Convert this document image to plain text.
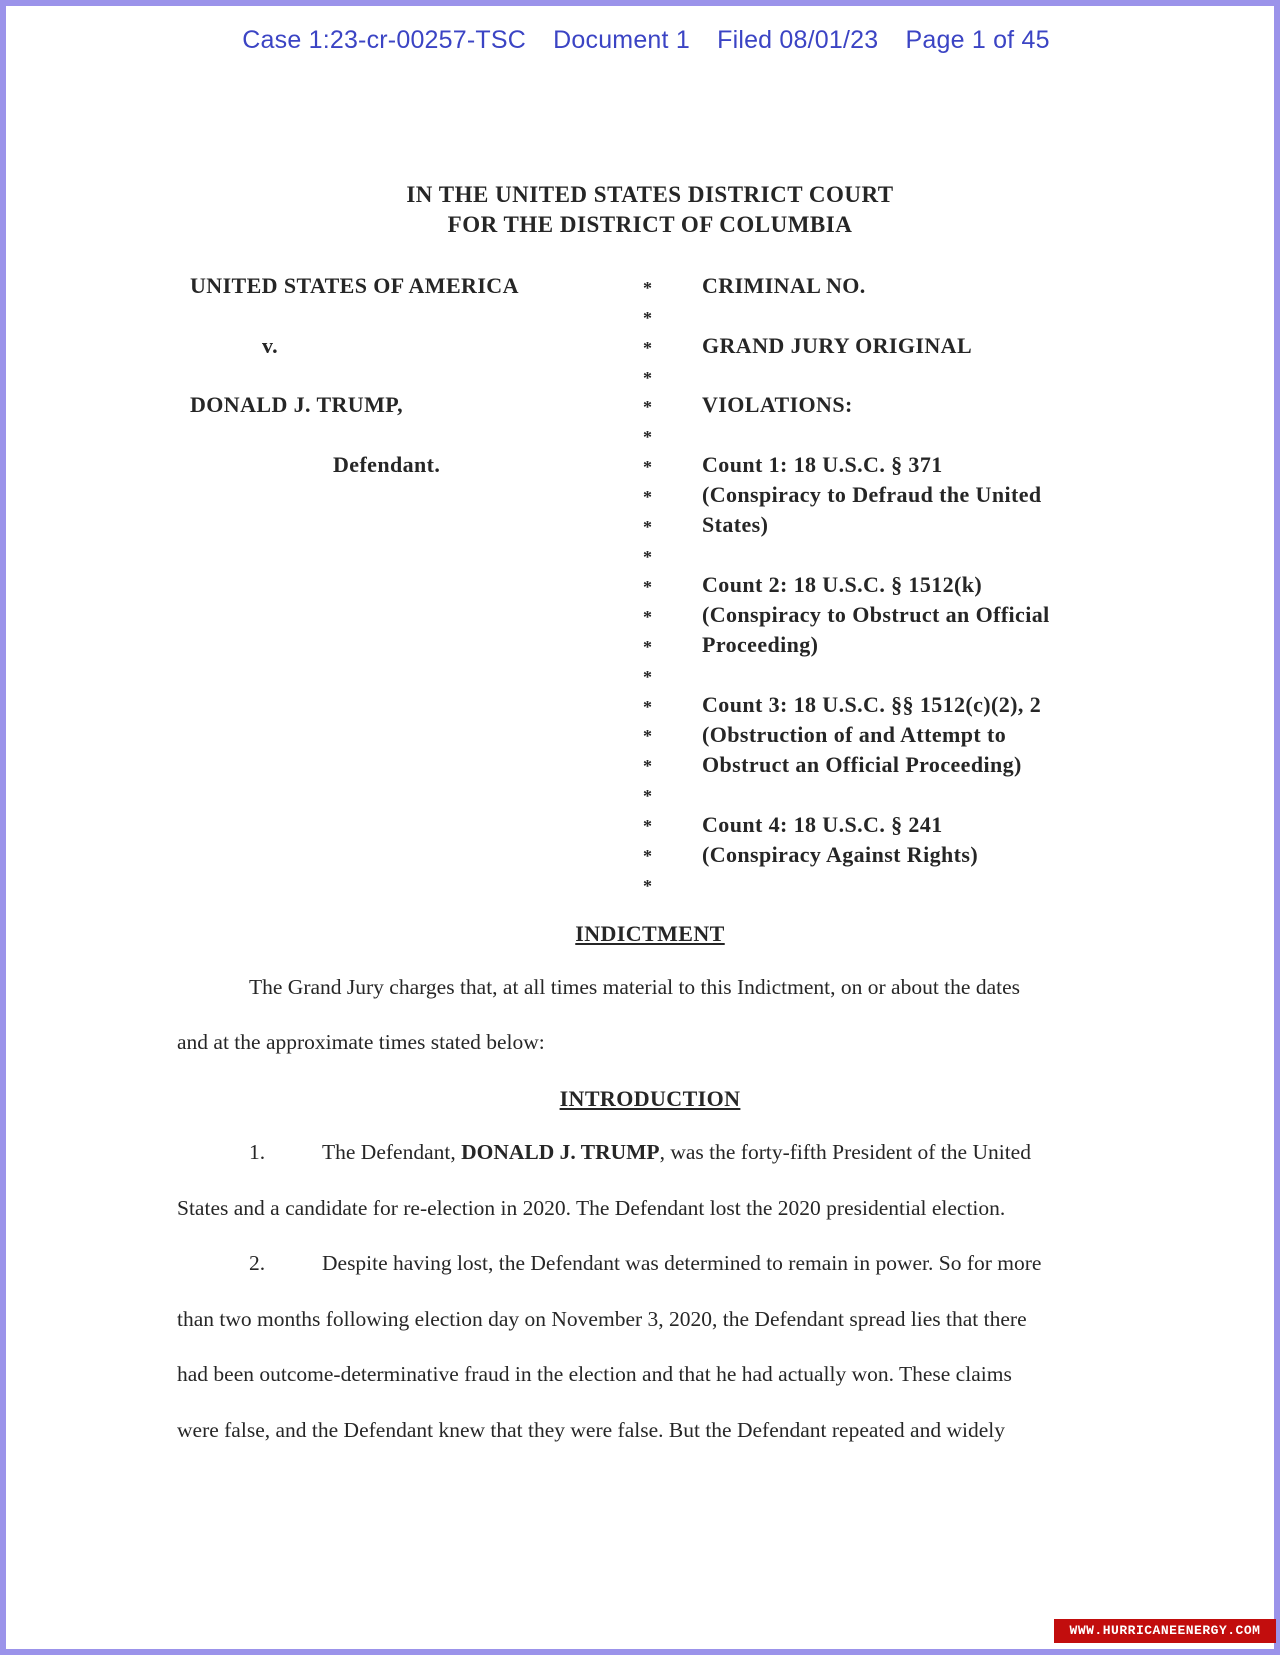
Case 1:23-cr-00257-TSC Document 1 Filed 08/01/23 Page 1 of 45
IN THE UNITED STATES DISTRICT COURT
FOR THE DISTRICT OF COLUMBIA
UNITED STATES OF AMERICA
v.
DONALD J. TRUMP,
Defendant.
*
*
*
*
*
*
*
*
*
*
*
*
*
*
*
*
*
*
*
*
*
CRIMINAL NO.
GRAND JURY ORIGINAL
VIOLATIONS:
Count 1: 18 U.S.C. § 371
(Conspiracy to Defraud the United
States)
Count 2: 18 U.S.C. § 1512(k)
(Conspiracy to Obstruct an Official
Proceeding)
Count 3: 18 U.S.C. §§ 1512(c)(2), 2
(Obstruction of and Attempt to
Obstruct an Official Proceeding)
Count 4: 18 U.S.C. § 241
(Conspiracy Against Rights)
INDICTMENT
The Grand Jury charges that, at all times material to this Indictment, on or about the dates
and at the approximate times stated below:
INTRODUCTION
1.	The Defendant, DONALD J. TRUMP, was the forty-fifth President of the United
States and a candidate for re-election in 2020. The Defendant lost the 2020 presidential election.
2.	Despite having lost, the Defendant was determined to remain in power. So for more
than two months following election day on November 3, 2020, the Defendant spread lies that there
had been outcome-determinative fraud in the election and that he had actually won. These claims
were false, and the Defendant knew that they were false. But the Defendant repeated and widely
WWW.HURRICANEENERGY.COM
